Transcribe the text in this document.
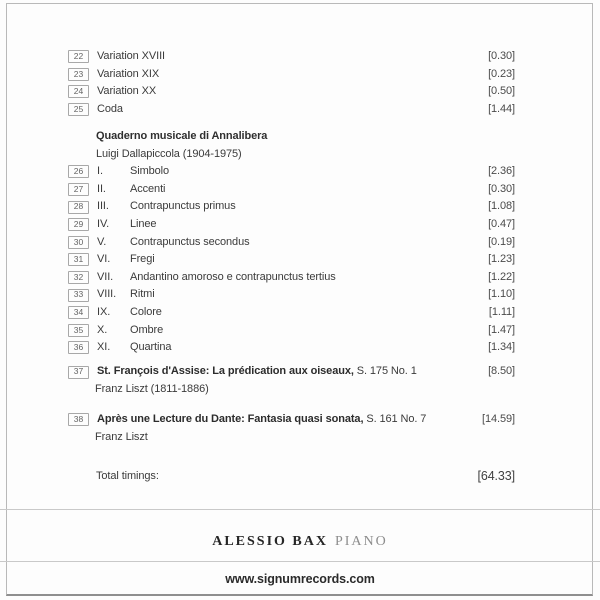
22 Variation XVIII	[0.30]
23 Variation XIX	[0.23]
24 Variation XX	[0.50]
25 Coda	[1.44]
Quaderno musicale di Annalibera
Luigi Dallapiccola (1904-1975)
26 I.	Simbolo	[2.36]
27 II.	Accenti	[0.30]
28 III.	Contrapunctus primus	[1.08]
29 IV.	Linee	[0.47]
30 V.	Contrapunctus secondus	[0.19]
31 VI.	Fregi	[1.23]
32 VII.	Andantino amoroso e contrapunctus tertius	[1.22]
33 VIII.	Ritmi	[1.10]
34 IX.	Colore	[1.11]
35 X.	Ombre	[1.47]
36 XI.	Quartina	[1.34]
37 St. François d'Assise: La prédication aux oiseaux, S. 175 No. 1	[8.50]
Franz Liszt (1811-1886)
38 Après une Lecture du Dante: Fantasia quasi sonata, S. 161 No. 7	[14.59]
Franz Liszt
Total timings:	[64.33]
ALESSIO BAX PIANO
www.signumrecords.com
